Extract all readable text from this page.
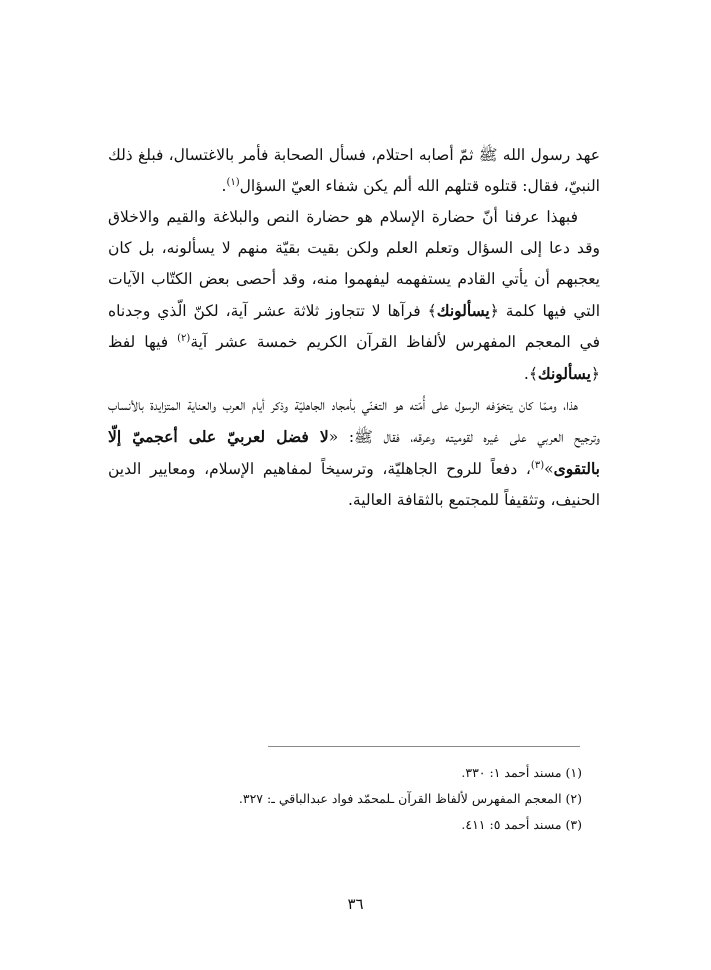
عهد رسول الله ﷺ ثمّ أصابه احتلام، فسأل الصحابة فأمر بالاغتسال، فبلغ ذلك النبيّ، فقال: قتلوه قتلهم الله ألم يكن شفاء العيّ السؤال$^{(١)}$.

فبهذا عرفنا أنّ حضارة الإسلام هو حضارة النص والبلاغة والقيم والاخلاق وقد دعا إلى السؤال وتعلم العلم ولكن بقيت بقيّة منهم لا يسألونه، بل كان يعجبهم أن يأتي القادم يستفهمه ليفهموا منه، وقد أحصى بعض الكتّاب الآيات التي فيها كلمة ﴿يسألونك﴾ فرآها لا تتجاوز ثلاثة عشر آية، لكنّ الّذي وجدناه في المعجم المفهرس لألفاظ القرآن الكريم خمسة عشر آية$^{(٢)}$ فيها لفظ ﴿يسألونك﴾.

هذا، وممّا كان يتخوّفه الرسول على أُمّته هو التغنّي بأمجاد الجاهليّة وذكر أيام العرب والعناية المتزايدة بالأنساب وترجيح العربي على غيره لقوميته وعرقه، فقال ﷺ: «لا فضل لعربيّ على أعجميّ إلّا بالتقوى»$^{(٣)}$، دفعاً للروح الجاهليّة، وترسيخاً لمفاهيم الإسلام، ومعايير الدين الحنيف، وتثقيفاً للمجتمع بالثقافة العالية.

(١) مسند أحمد ١: ٣٣٠.
(٢) المعجم المفهرس لألفاظ القرآن ـلمحمّد فواد عبدالباقي ـ: ٣٢٧.
(٣) مسند أحمد ٥: ٤١١.
٣٦
